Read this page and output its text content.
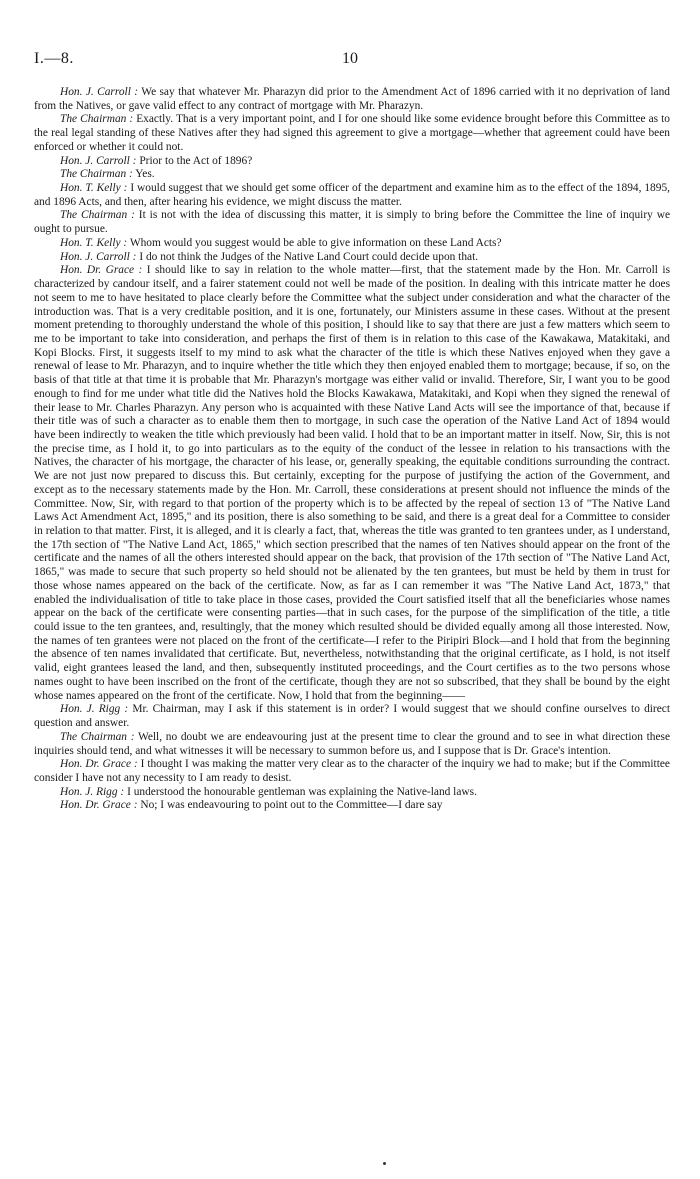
I.—8.	10

Hon. J. Carroll : We say that whatever Mr. Pharazyn did prior to the Amendment Act of 1896 carried with it no deprivation of land from the Natives, or gave valid effect to any contract of mortgage with Mr. Pharazyn.

The Chairman : Exactly. That is a very important point, and I for one should like some evidence brought before this Committee as to the real legal standing of these Natives after they had signed this agreement to give a mortgage—whether that agreement could have been enforced or whether it could not.

Hon. J. Carroll : Prior to the Act of 1896?

The Chairman : Yes.

Hon. T. Kelly : I would suggest that we should get some officer of the department and examine him as to the effect of the 1894, 1895, and 1896 Acts, and then, after hearing his evidence, we might discuss the matter.

The Chairman : It is not with the idea of discussing this matter, it is simply to bring before the Committee the line of inquiry we ought to pursue.

Hon. T. Kelly : Whom would you suggest would be able to give information on these Land Acts?

Hon. J. Carroll : I do not think the Judges of the Native Land Court could decide upon that.

Hon. Dr. Grace : I should like to say in relation to the whole matter—first, that the statement made by the Hon. Mr. Carroll is characterized by candour itself, and a fairer statement could not well be made of the position. In dealing with this intricate matter he does not seem to me to have hesitated to place clearly before the Committee what the subject under consideration and what the character of the introduction was. That is a very creditable position, and it is one, fortunately, our Ministers assume in these cases. Without at the present moment pretending to thoroughly understand the whole of this position, I should like to say that there are just a few matters which seem to me to be important to take into consideration, and perhaps the first of them is in relation to this case of the Kawakawa, Matakitaki, and Kopi Blocks. First, it suggests itself to my mind to ask what the character of the title is which these Natives enjoyed when they gave a renewal of lease to Mr. Pharazyn, and to inquire whether the title which they then enjoyed enabled them to mortgage; because, if so, on the basis of that title at that time it is probable that Mr. Pharazyn's mortgage was either valid or invalid. Therefore, Sir, I want you to be good enough to find for me under what title did the Natives hold the Blocks Kawakawa, Matakitaki, and Kopi when they signed the renewal of their lease to Mr. Charles Pharazyn. Any person who is acquainted with these Native Land Acts will see the importance of that, because if their title was of such a character as to enable them then to mortgage, in such case the operation of the Native Land Act of 1894 would have been indirectly to weaken the title which previously had been valid. I hold that to be an important matter in itself. Now, Sir, this is not the precise time, as I hold it, to go into particulars as to the equity of the conduct of the lessee in relation to his transactions with the Natives, the character of his mortgage, the character of his lease, or, generally speaking, the equitable conditions surrounding the contract. We are not just now prepared to discuss this. But certainly, excepting for the purpose of justifying the action of the Government, and except as to the necessary statements made by the Hon. Mr. Carroll, these considerations at present should not influence the minds of the Committee. Now, Sir, with regard to that portion of the property which is to be affected by the repeal of section 13 of "The Native Land Laws Act Amendment Act, 1895," and its position, there is also something to be said, and there is a great deal for a Committee to consider in relation to that matter. First, it is alleged, and it is clearly a fact, that, whereas the title was granted to ten grantees under, as I understand, the 17th section of "The Native Land Act, 1865," which section prescribed that the names of ten Natives should appear on the front of the certificate and the names of all the others interested should appear on the back, that provision of the 17th section of "The Native Land Act, 1865," was made to secure that such property so held should not be alienated by the ten grantees, but must be held by them in trust for those whose names appeared on the back of the certificate. Now, as far as I can remember it was "The Native Land Act, 1873," that enabled the individualisation of title to take place in those cases, provided the Court satisfied itself that all the beneficiaries whose names appear on the back of the certificate were consenting parties—that in such cases, for the purpose of the simplification of the title, a title could issue to the ten grantees, and, resultingly, that the money which resulted should be divided equally among all those interested. Now, the names of ten grantees were not placed on the front of the certificate—I refer to the Piripiri Block—and I hold that from the beginning the absence of ten names invalidated that certificate. But, nevertheless, notwithstanding that the original certificate, as I hold, is not itself valid, eight grantees leased the land, and then, subsequently instituted proceedings, and the Court certifies as to the two persons whose names ought to have been inscribed on the front of the certificate, though they are not so subscribed, that they shall be bound by the eight whose names appeared on the front of the certificate. Now, I hold that from the beginning——

Hon. J. Rigg : Mr. Chairman, may I ask if this statement is in order? I would suggest that we should confine ourselves to direct question and answer.

The Chairman : Well, no doubt we are endeavouring just at the present time to clear the ground and to see in what direction these inquiries should tend, and what witnesses it will be necessary to summon before us, and I suppose that is Dr. Grace's intention.

Hon. Dr. Grace : I thought I was making the matter very clear as to the character of the inquiry we had to make; but if the Committee consider I have not any necessity to I am ready to desist.

Hon. J. Rigg : I understood the honourable gentleman was explaining the Native-land laws.

Hon. Dr. Grace : No; I was endeavouring to point out to the Committee—I dare say
